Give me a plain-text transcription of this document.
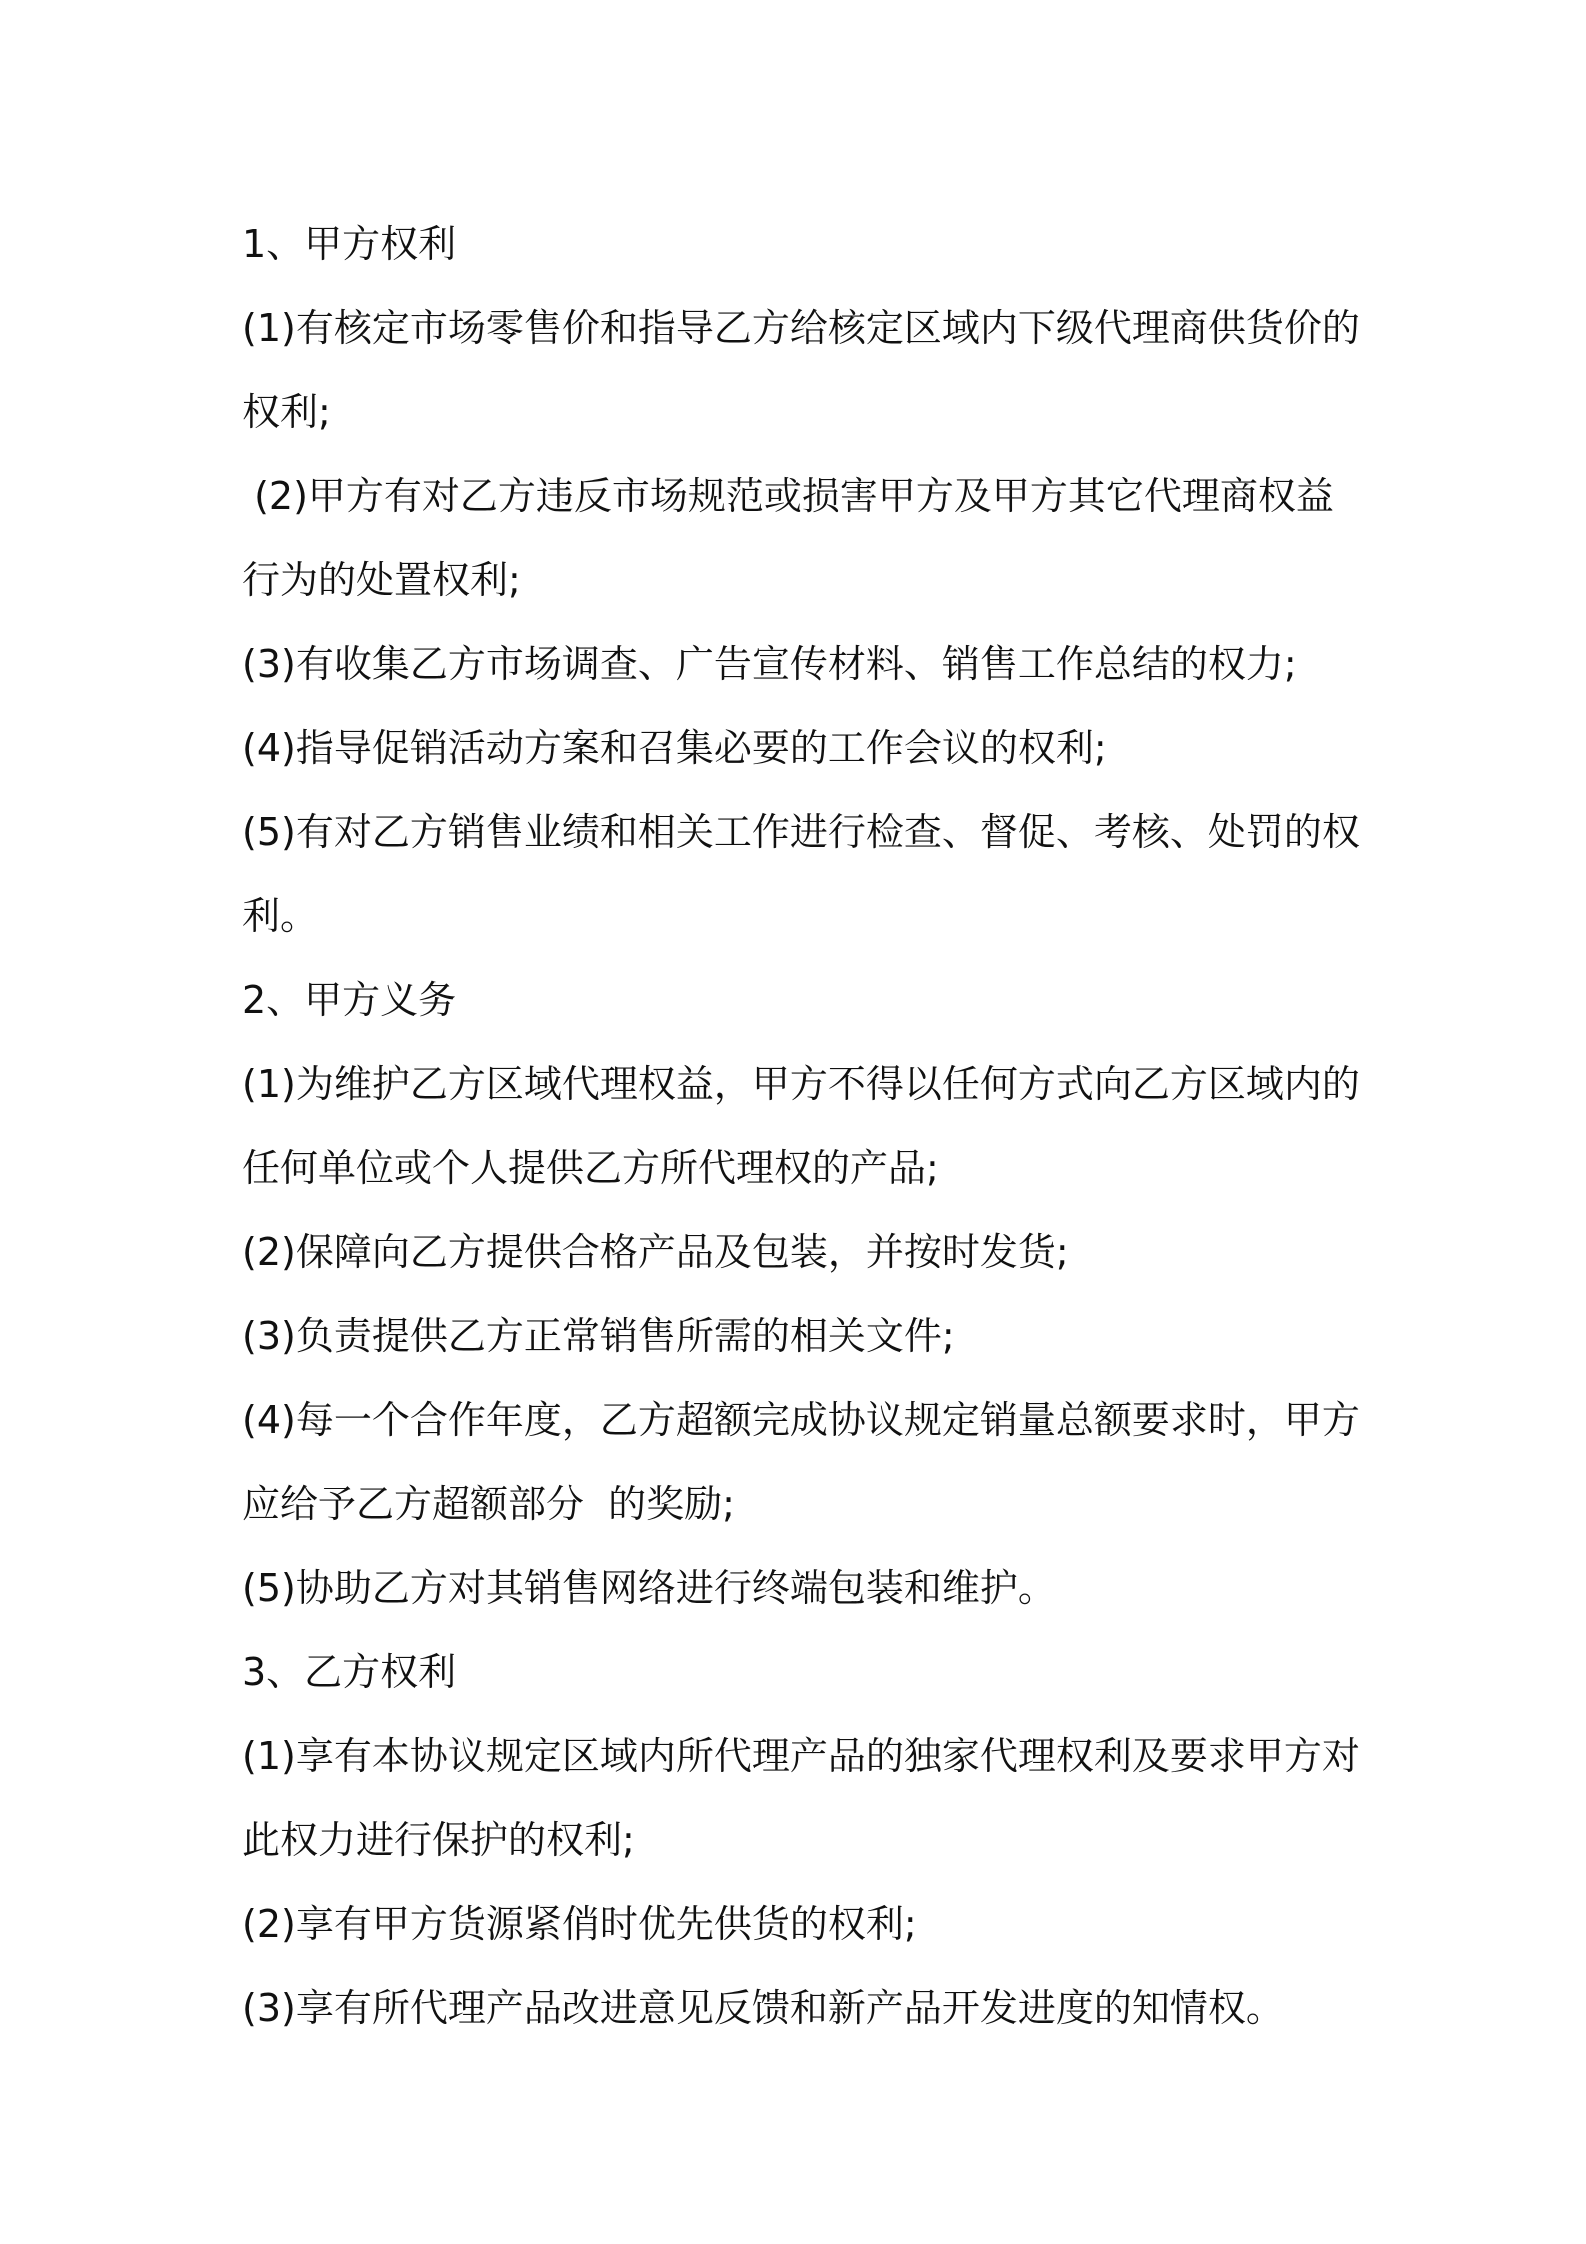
1、甲方权利
(1)有核定市场零售价和指导乙方给核定区域内下级代理商供货价的
权利;
(2)甲方有对乙方违反市场规范或损害甲方及甲方其它代理商权益
行为的处置权利;
(3)有收集乙方市场调查、广告宣传材料、销售工作总结的权力;
(4)指导促销活动方案和召集必要的工作会议的权利;
(5)有对乙方销售业绩和相关工作进行检查、督促、考核、处罚的权
利。
2、甲方义务
(1)为维护乙方区域代理权益，甲方不得以任何方式向乙方区域内的
任何单位或个人提供乙方所代理权的产品;
(2)保障向乙方提供合格产品及包装，并按时发货;
(3)负责提供乙方正常销售所需的相关文件;
(4)每一个合作年度，乙方超额完成协议规定销量总额要求时，甲方
应给予乙方超额部分  的奖励;
(5)协助乙方对其销售网络进行终端包装和维护。
3、乙方权利
(1)享有本协议规定区域内所代理产品的独家代理权利及要求甲方对
此权力进行保护的权利;
(2)享有甲方货源紧俏时优先供货的权利;
(3)享有所代理产品改进意见反馈和新产品开发进度的知情权。
